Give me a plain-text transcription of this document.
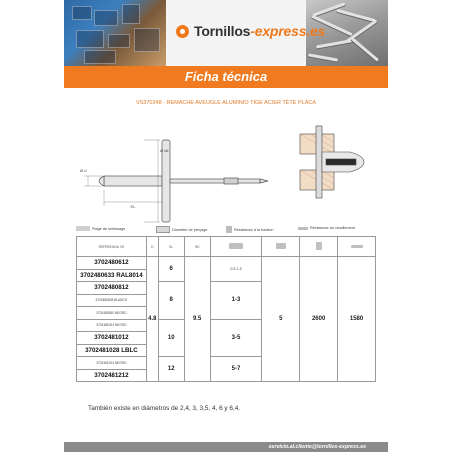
Tornillos-express.es
Ficha técnica
VS370248 - REMACHE AVEUGLE ALUMINIO TIGE ACIER TÊTE PLACA
EL
Ø dk
Ø d
Plage de sertissage	Diamètre de perçage	Résistance à la traction	Résistance au cisaillement
REFERENCIA VS	D	EL	HD				
3702480612	4.8	6	9.5	0.5-1.5	5	2600	1580
3702480633 RAL8014							
3702480812		8		1-3			
3702480828 BLANCO							
3702480830 NEGRO							
3702481004 NEGRO		10		3-5			
3702481012							
3702481028 LBLC							
3702481204 NEGRO		12		5-7			
3702481212							
También existe en diámetros de 2,4, 3, 3,5, 4, 6 y 6,4.
servicio.al.cliente@tornillos-express.es
